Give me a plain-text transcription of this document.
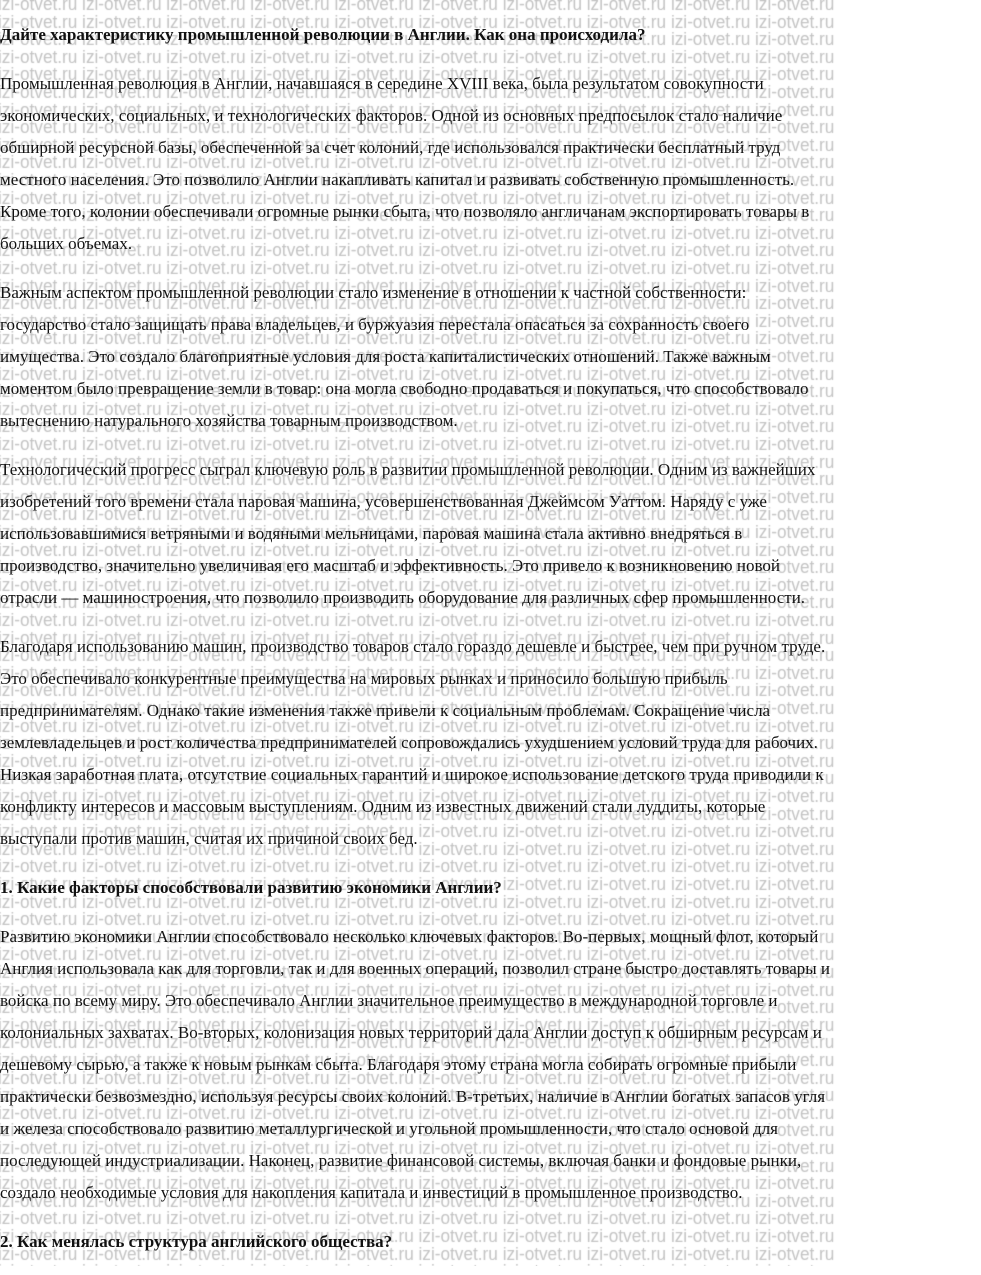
Дайте характеристику промышленной революции в Англии. Как она происходила?

Промышленная революция в Англии, начавшаяся в середине XVIII века, была результатом совокупности
экономических, социальных, и технологических факторов. Одной из основных предпосылок стало наличие
обширной ресурсной базы, обеспеченной за счет колоний, где использовался практически бесплатный труд
местного населения. Это позволило Англии накапливать капитал и развивать собственную промышленность.
Кроме того, колонии обеспечивали огромные рынки сбыта, что позволяло англичанам экспортировать товары в
больших объемах.

Важным аспектом промышленной революции стало изменение в отношении к частной собственности:
государство стало защищать права владельцев, и буржуазия перестала опасаться за сохранность своего
имущества. Это создало благоприятные условия для роста капиталистических отношений. Также важным
моментом было превращение земли в товар: она могла свободно продаваться и покупаться, что способствовало
вытеснению натурального хозяйства товарным производством.

Технологический прогресс сыграл ключевую роль в развитии промышленной революции. Одним из важнейших
изобретений того времени стала паровая машина, усовершенствованная Джеймсом Уаттом. Наряду с уже
использовавшимися ветряными и водяными мельницами, паровая машина стала активно внедряться в
производство, значительно увеличивая его масштаб и эффективность. Это привело к возникновению новой
отрасли — машиностроения, что позволило производить оборудование для различных сфер промышленности.

Благодаря использованию машин, производство товаров стало гораздо дешевле и быстрее, чем при ручном труде.
Это обеспечивало конкурентные преимущества на мировых рынках и приносило большую прибыль
предпринимателям. Однако такие изменения также привели к социальным проблемам. Сокращение числа
землевладельцев и рост количества предпринимателей сопровождались ухудшением условий труда для рабочих.
Низкая заработная плата, отсутствие социальных гарантий и широкое использование детского труда приводили к
конфликту интересов и массовым выступлениям. Одним из известных движений стали луддиты, которые
выступали против машин, считая их причиной своих бед.

1. Какие факторы способствовали развитию экономики Англии?

Развитию экономики Англии способствовало несколько ключевых факторов. Во-первых, мощный флот, который
Англия использовала как для торговли, так и для военных операций, позволил стране быстро доставлять товары и
войска по всему миру. Это обеспечивало Англии значительное преимущество в международной торговле и
колониальных захватах. Во-вторых, колонизация новых территорий дала Англии доступ к обширным ресурсам и
дешевому сырью, а также к новым рынкам сбыта. Благодаря этому страна могла собирать огромные прибыли
практически безвозмездно, используя ресурсы своих колоний. В-третьих, наличие в Англии богатых запасов угля
и железа способствовало развитию металлургической и угольной промышленности, что стало основой для
последующей индустриализации. Наконец, развитие финансовой системы, включая банки и фондовые рынки,
создало необходимые условия для накопления капитала и инвестиций в промышленное производство.

2. Как менялась структура английского общества?
